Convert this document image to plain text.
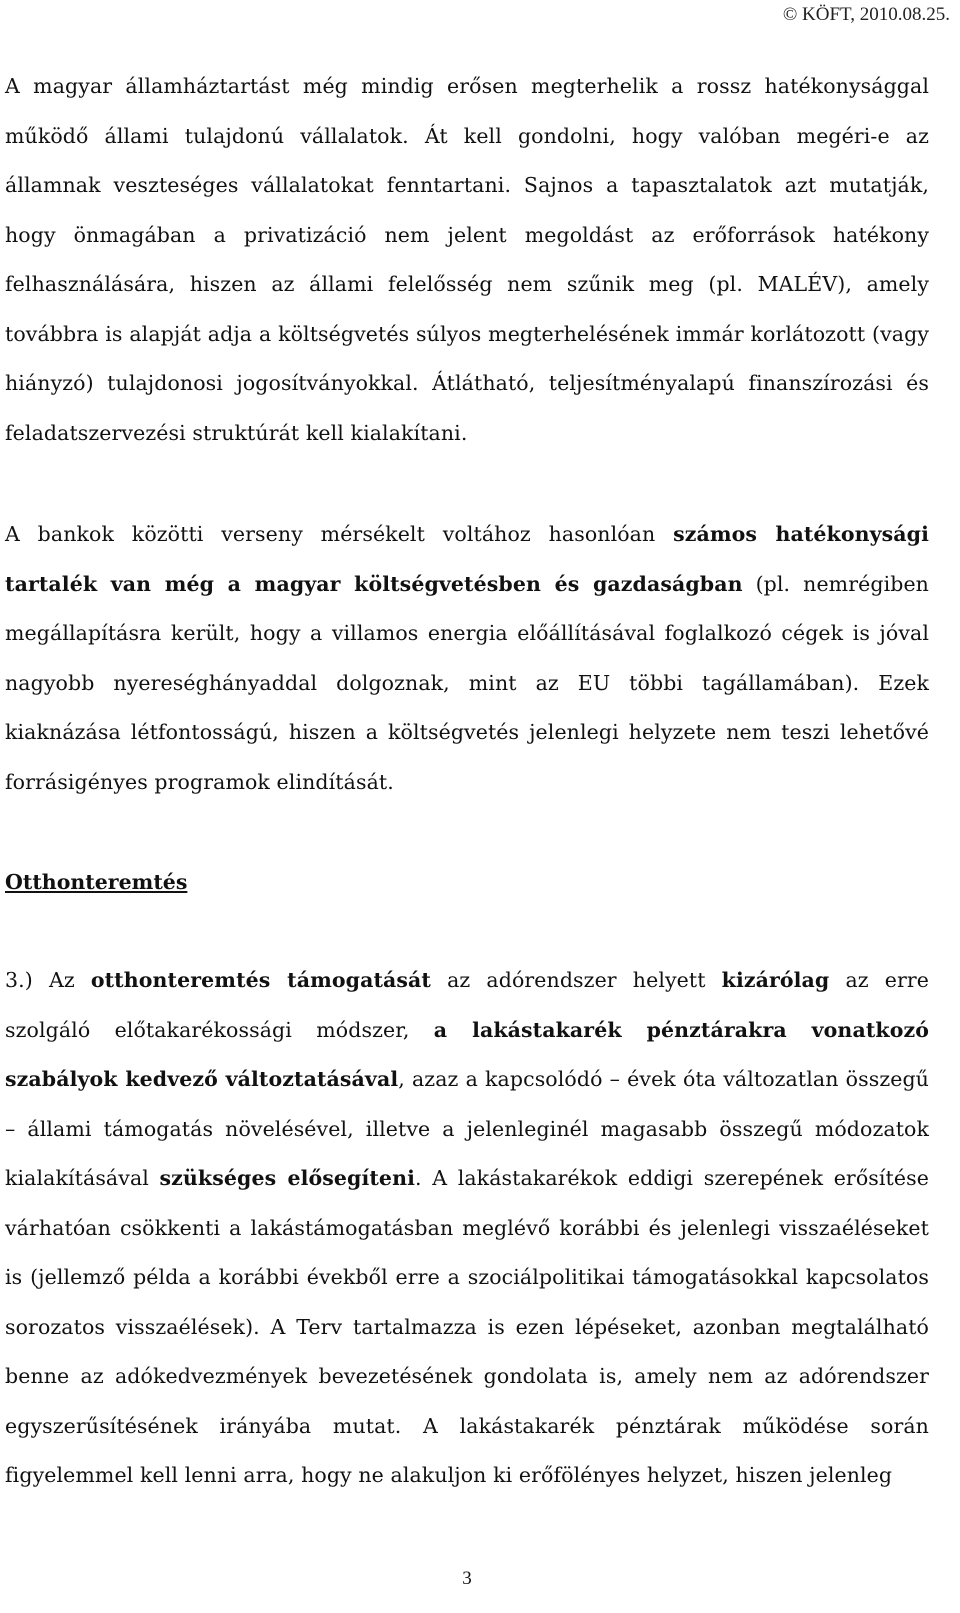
© KÖFT, 2010.08.25.
A magyar államháztartást még mindig erősen megterhelik a rossz hatékonysággal működő állami tulajdonú vállalatok. Át kell gondolni, hogy valóban megéri-e az államnak veszteséges vállalatokat fenntartani. Sajnos a tapasztalatok azt mutatják, hogy önmagában a privatizáció nem jelent megoldást az erőforrások hatékony felhasználására, hiszen az állami felelősség nem szűnik meg (pl. MALÉV), amely továbbra is alapját adja a költségvetés súlyos megterhelésének immár korlátozott (vagy hiányzó) tulajdonosi jogosítványokkal. Átlátható, teljesítményalapú finanszírozási és feladatszervezési struktúrát kell kialakítani.
A bankok közötti verseny mérsékelt voltához hasonlóan számos hatékonysági tartalék van még a magyar költségvetésben és gazdaságban (pl. nemrégiben megállapításra került, hogy a villamos energia előállításával foglalkozó cégek is jóval nagyobb nyereséghányaddal dolgoznak, mint az EU többi tagállamában). Ezek kiaknázása létfontosságú, hiszen a költségvetés jelenlegi helyzete nem teszi lehetővé forrásigényes programok elindítását.
Otthonteremtés
3.) Az otthonteremtés támogatását az adórendszer helyett kizárólag az erre szolgáló előtakarékossági módszer, a lakástakarék pénztárakra vonatkozó szabályok kedvező változtatásával, azaz a kapcsolódó – évek óta változatlan összegű – állami támogatás növelésével, illetve a jelenleginél magasabb összegű módozatok kialakításával szükséges elősegíteni. A lakástakarékok eddigi szerepének erősítése várhatóan csökkenti a lakástámogatásban meglévő korábbi és jelenlegi visszaéléseket is (jellemző példa a korábbi évekből erre a szociálpolitikai támogatásokkal kapcsolatos sorozatos visszaélések). A Terv tartalmazza is ezen lépéseket, azonban megtalálható benne az adókedvezmények bevezetésének gondolata is, amely nem az adórendszer egyszerűsítésének irányába mutat. A lakástakarék pénztárak működése során figyelemmel kell lenni arra, hogy ne alakuljon ki erőfölényes helyzet, hiszen jelenleg
3
